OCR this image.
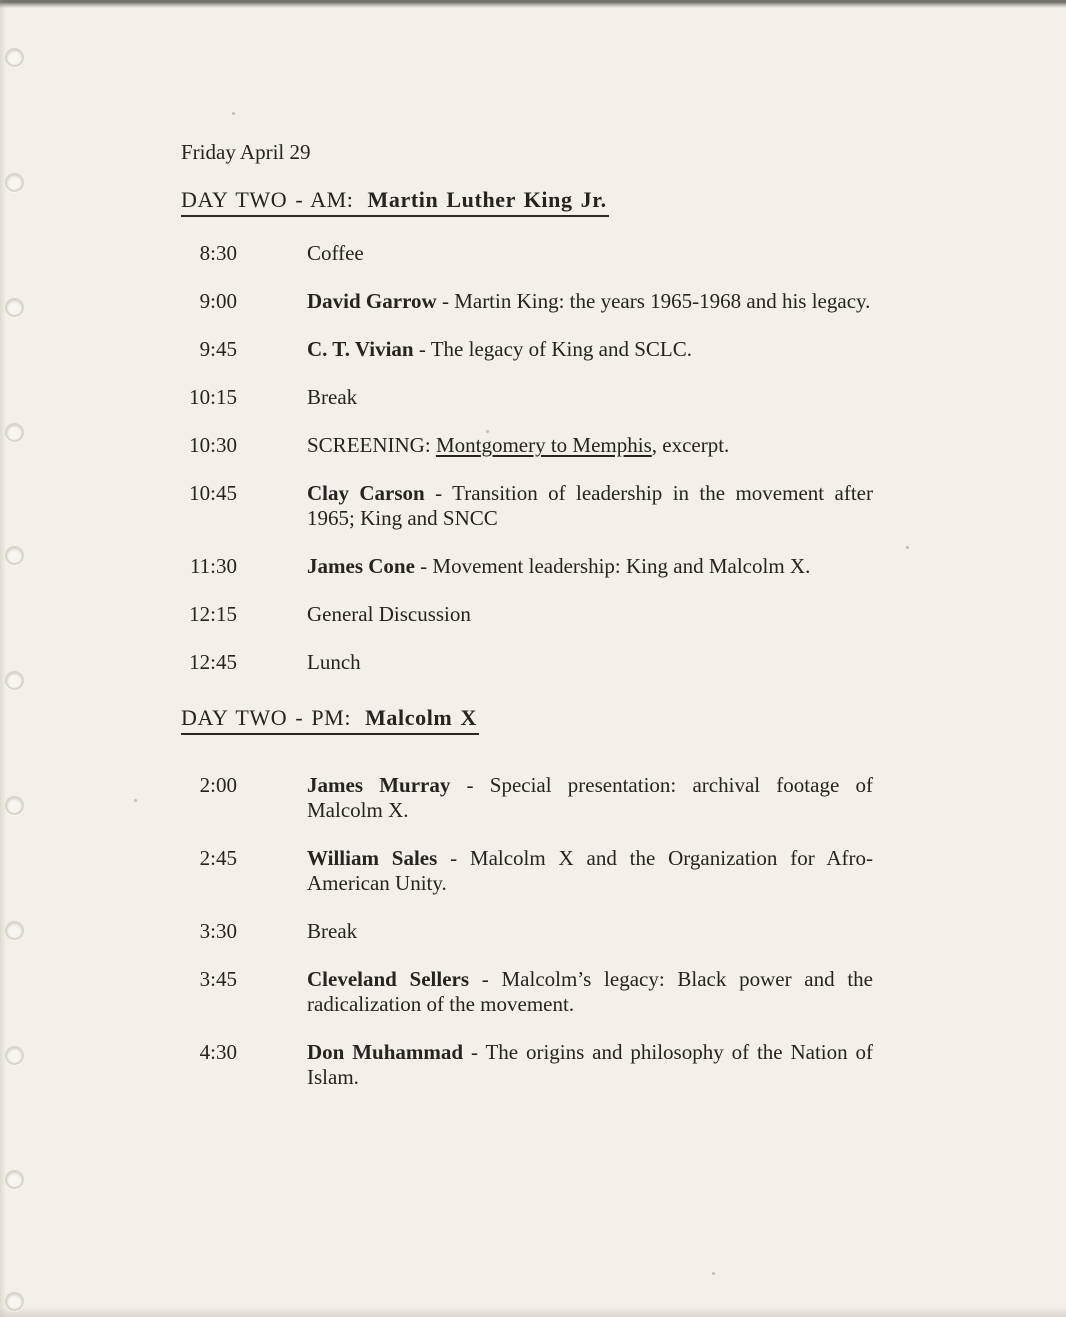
Friday April 29
DAY TWO - AM: Martin Luther King Jr.
8:30	Coffee
9:00	David Garrow - Martin King: the years 1965-1968 and his legacy.
9:45	C. T. Vivian - The legacy of King and SCLC.
10:15	Break
10:30	SCREENING: Montgomery to Memphis, excerpt.
10:45	Clay Carson - Transition of leadership in the movement after 1965; King and SNCC
11:30	James Cone - Movement leadership: King and Malcolm X.
12:15	General Discussion
12:45	Lunch
DAY TWO - PM: Malcolm X
2:00	James Murray - Special presentation: archival footage of Malcolm X.
2:45	William Sales - Malcolm X and the Organization for Afro-American Unity.
3:30	Break
3:45	Cleveland Sellers - Malcolm’s legacy: Black power and the radicalization of the movement.
4:30	Don Muhammad - The origins and philosophy of the Nation of Islam.
